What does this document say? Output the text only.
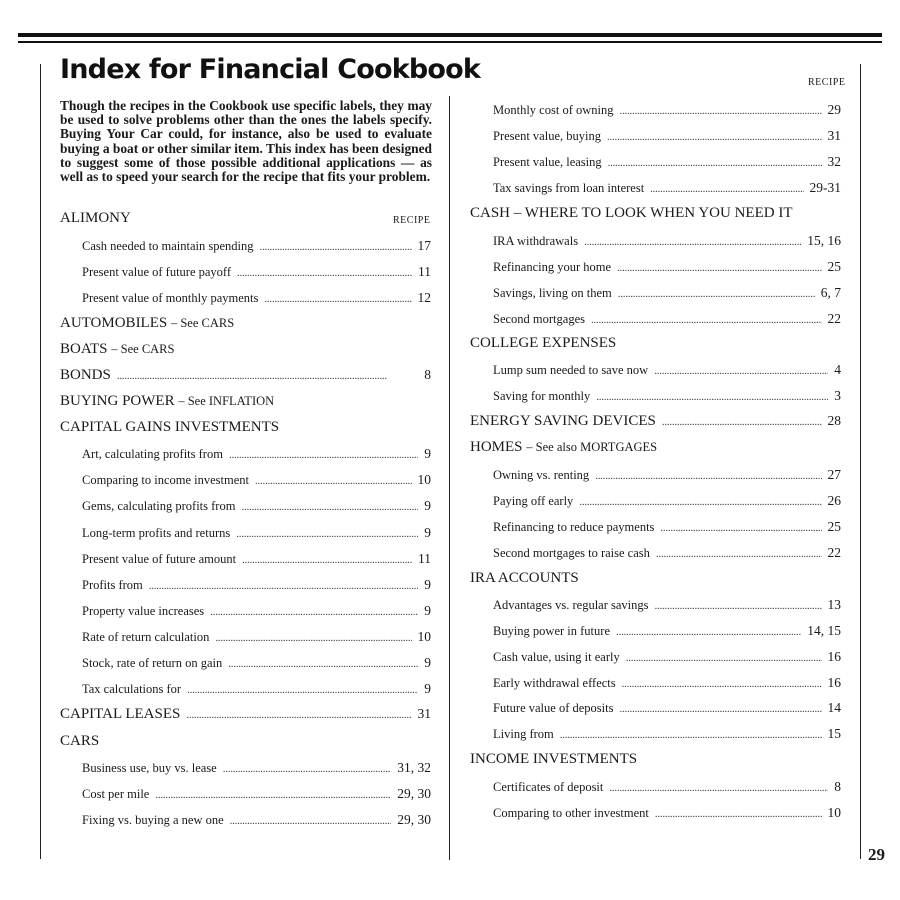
Index for Financial Cookbook	RECIPE
Though the recipes in the Cookbook use specific labels, they may be used to solve problems other than the ones the labels specify. Buying Your Car could, for instance, also be used to evaluate buying a boat or other similar item. This index has been designed to suggest some of those possible additional applications — as well as to speed your search for the recipe that fits your problem.
ALIMONY	RECIPE
Cash needed to maintain spending . . .	17
Present value of future payoff . . .	11
Present value of monthly payments . . .	12
AUTOMOBILES – See CARS
BOATS – See CARS
BONDS . . .	8
BUYING POWER – See INFLATION
CAPITAL GAINS INVESTMENTS
Art, calculating profits from . . .	9
Comparing to income investment . . .	10
Gems, calculating profits from . . .	9
Long-term profits and returns . . .	9
Present value of future amount . . .	11
Profits from . . .	9
Property value increases . . .	9
Rate of return calculation . . .	10
Stock, rate of return on gain . . .	9
Tax calculations for . . .	9
CAPITAL LEASES . . .	31
CARS
Business use, buy vs. lease . . .	31, 32
Cost per mile . . .	29, 30
Fixing vs. buying a new one . . .	29, 30
Monthly cost of owning . . .	29
Present value, buying . . .	31
Present value, leasing . . .	32
Tax savings from loan interest . . .	29-31
CASH – WHERE TO LOOK WHEN YOU NEED IT
IRA withdrawals . . .	15, 16
Refinancing your home . . .	25
Savings, living on them . . .	6, 7
Second mortgages . . .	22
COLLEGE EXPENSES
Lump sum needed to save now . . .	4
Saving for monthly . . .	3
ENERGY SAVING DEVICES . . .	28
HOMES – See also MORTGAGES
Owning vs. renting . . .	27
Paying off early . . .	26
Refinancing to reduce payments . . .	25
Second mortgages to raise cash . . .	22
IRA ACCOUNTS
Advantages vs. regular savings . . .	13
Buying power in future . . .	14, 15
Cash value, using it early . . .	16
Early withdrawal effects . . .	16
Future value of deposits . . .	14
Living from . . .	15
INCOME INVESTMENTS
Certificates of deposit . . .	8
Comparing to other investment . . .	10
29
